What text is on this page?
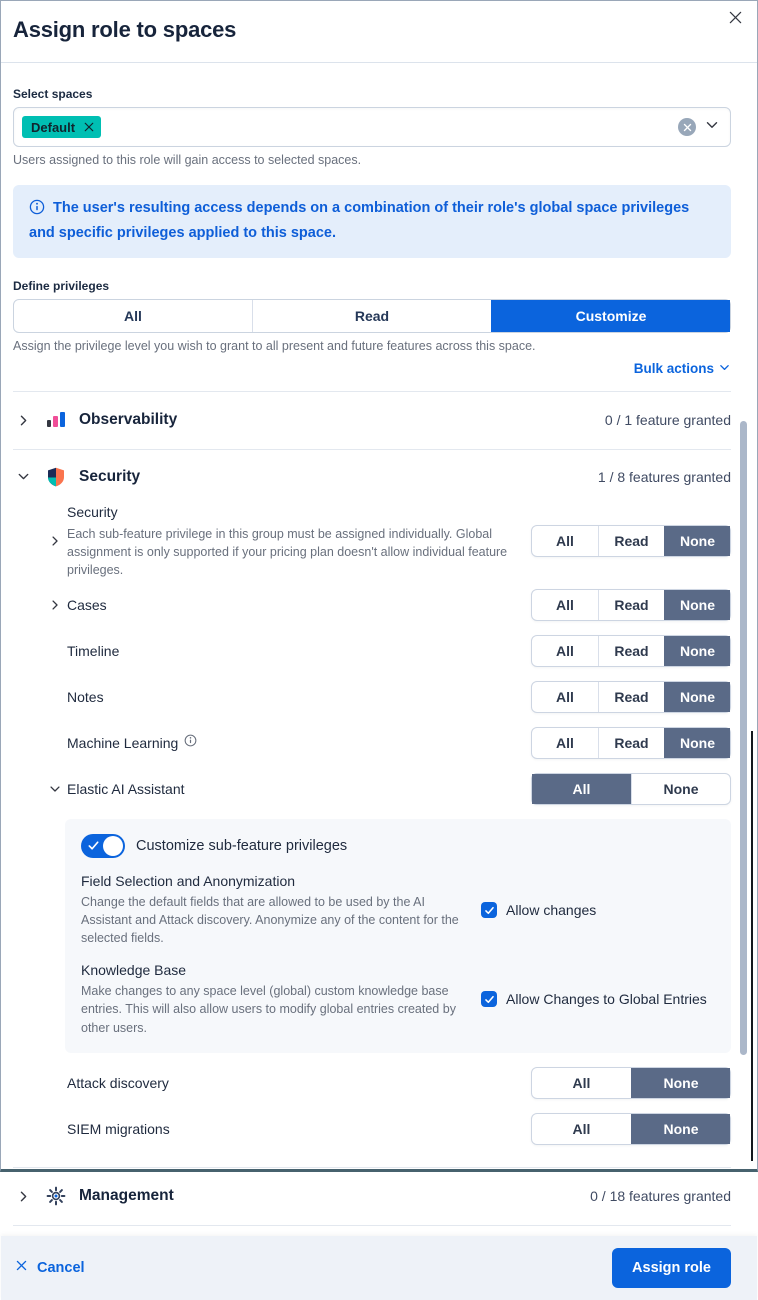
Assign role to spaces
Select spaces
Default
Users assigned to this role will gain access to selected spaces.
The user's resulting access depends on a combination of their role's global space privileges and specific privileges applied to this space.
Define privileges
All	Read	Customize
Assign the privilege level you wish to grant to all present and future features across this space.
Bulk actions
Observability	0 / 1 feature granted
Security	1 / 8 features granted
Security
Each sub-feature privilege in this group must be assigned individually. Global assignment is only supported if your pricing plan doesn't allow individual feature privileges.
All	Read	None
Cases	All	Read	None
Timeline	All	Read	None
Notes	All	Read	None
Machine Learning	All	Read	None
Elastic AI Assistant	All	None
Customize sub-feature privileges
Field Selection and Anonymization
Change the default fields that are allowed to be used by the AI Assistant and Attack discovery. Anonymize any of the content for the selected fields.
Allow changes
Knowledge Base
Make changes to any space level (global) custom knowledge base entries. This will also allow users to modify global entries created by other users.
Allow Changes to Global Entries
Attack discovery	All	None
SIEM migrations	All	None
Management	0 / 18 features granted
Cancel	Assign role
